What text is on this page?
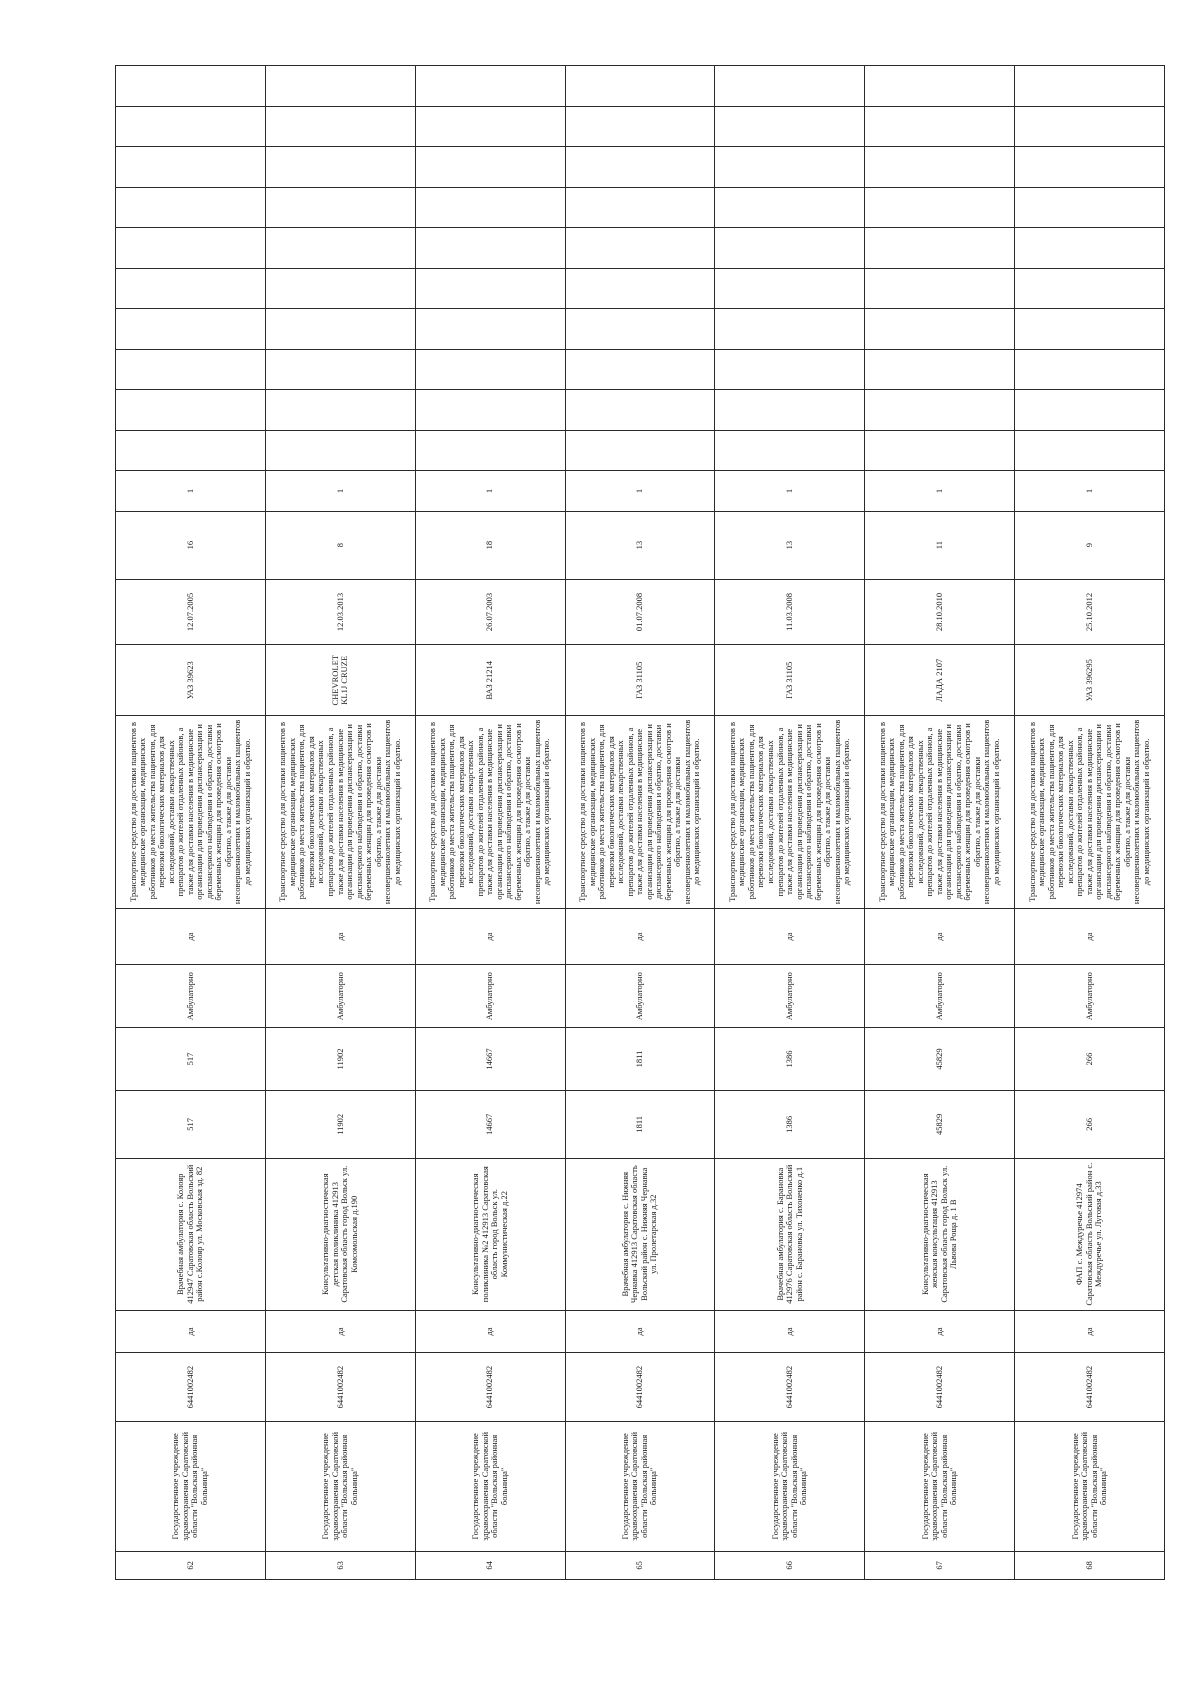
62	Государственное учреждение здравоохранения Саратовской области "Вольская районная больница"	6441002482	да	Врачебная амбулатория с. Колояр 412947 Саратовская область Вольский район с.Колояр ул. Московская зд. 82	517	517	Амбулаторно	да	Транспортное средство для доставки пациентов в медицинские организации, медицинских работников до места жительства пациентов, для перевозки биологических материалов для исследований, доставки лекарственных препаратов до жителей отдаленных районов, а также для доставки населения в медицинские организации для проведения диспансеризации и диспансерного наблюдения и обратно, доставки беременных женщин для проведения осмотров и обратно, а также для доставки несовершеннолетних и маломобильных пациентов до медицинских организаций и обратно.	УАЗ 39623	12.07.2005	16	1										
63	Государственное учреждение здравоохранения Саратовской области "Вольская районная больница"	6441002482	да	Консультативно-диагностическая детская поликлиника 412913 Саратовская область город Вольск ул. Комсомольская д.190	11902	11902	Амбулаторно	да	Транспортное средство для доставки пациентов в медицинские организации, медицинских работников до места жительства пациентов, для перевозки биологических материалов для исследований, доставки лекарственных препаратов до жителей отдаленных районов, а также для доставки населения в медицинские организации для проведения диспансеризации и диспансерного наблюдения и обратно, доставки беременных женщин для проведения осмотров и обратно, а также для доставки несовершеннолетних и маломобильных пациентов до медицинских организаций и обратно.	CHEVROLET KL1J CRUZE	12.03.2013	8	1										
64	Государственное учреждение здравоохранения Саратовской области "Вольская районная больница"	6441002482	да	Консультативно-диагностическая поликлиника №2 412913 Саратовская область город Вольск ул. Коммунистическая д.22	14667	14667	Амбулаторно	да	Транспортное средство для доставки пациентов в медицинские организации, медицинских работников до места жительства пациентов, для перевозки биологических материалов для исследований, доставки лекарственных препаратов до жителей отдаленных районов, а также для доставки населения в медицинские организации для проведения диспансеризации и диспансерного наблюдения и обратно, доставки беременных женщин для проведения осмотров и обратно, а также для доставки несовершеннолетних и маломобильных пациентов до медицинских организаций и обратно.	ВАЗ 21214	26.07.2003	18	1										
65	Государственное учреждение здравоохранения Саратовской области "Вольская районная больница"	6441002482	да	Врачебная амбулатория с. Нижняя Чернавка 412913 Саратовская область Вольский район с. Нижняя Чернавка ул. Пролетарская д.32	1811	1811	Амбулаторно	да	Транспортное средство для доставки пациентов в медицинские организации, медицинских работников до места жительства пациентов, для перевозки биологических материалов для исследований, доставки лекарственных препаратов до жителей отдаленных районов, а также для доставки населения в медицинские организации для проведения диспансеризации и диспансерного наблюдения и обратно, доставки беременных женщин для проведения осмотров и обратно, а также для доставки несовершеннолетних и маломобильных пациентов до медицинских организаций и обратно.	ГАЗ 31105	01.07.2008	13	1										
66	Государственное учреждение здравоохранения Саратовской области "Вольская районная больница"	6441002482	да	Врачебная амбулатория с. Барановка 412976 Саратовская область Вольский район с. Барановка ул. Тихоненко д.1	1386	1386	Амбулаторно	да	Транспортное средство для доставки пациентов в медицинские организации, медицинских работников до места жительства пациентов, для перевозки биологических материалов для исследований, доставки лекарственных препаратов до жителей отдаленных районов, а также для доставки населения в медицинские организации для проведения диспансеризации и диспансерного наблюдения и обратно, доставки беременных женщин для проведения осмотров и обратно, а также для доставки несовершеннолетних и маломобильных пациентов до медицинских организаций и обратно.	ГАЗ 31105	11.03.2008	13	1										
67	Государственное учреждение здравоохранения Саратовской области "Вольская районная больница"	6441002482	да	Консультативно-диагностическая женская консультация 412913 Саратовская область город Вольск ул. Львова Роща д. 1 В	45829	45829	Амбулаторно	да	Транспортное средство для доставки пациентов в медицинские организации, медицинских работников до места жительства пациентов, для перевозки биологических материалов для исследований, доставки лекарственных препаратов до жителей отдаленных районов, а также для доставки населения в медицинские организации для проведения диспансеризации и диспансерного наблюдения и обратно, доставки беременных женщин для проведения осмотров и обратно, а также для доставки несовершеннолетних и маломобильных пациентов до медицинских организаций и обратно.	ЛАДА 2107	28.10.2010	11	1										
68	Государственное учреждение здравоохранения Саратовской области "Вольская районная больница"	6441002482	да	ФАП с. Междуречье 412974 Саратовская область Вольский район с. Междуречье ул. Луговая д.33	266	266	Амбулаторно	да	Транспортное средство для доставки пациентов в медицинские организации, медицинских работников до места жительства пациентов, для перевозки биологических материалов для исследований, доставки лекарственных препаратов до жителей отдаленных районов, а также для доставки населения в медицинские организации для проведения диспансеризации и диспансерного наблюдения и обратно, доставки беременных женщин для проведения осмотров и обратно, а также для доставки несовершеннолетних и маломобильных пациентов до медицинских организаций и обратно.	УАЗ 396295	25.10.2012	9	1										
